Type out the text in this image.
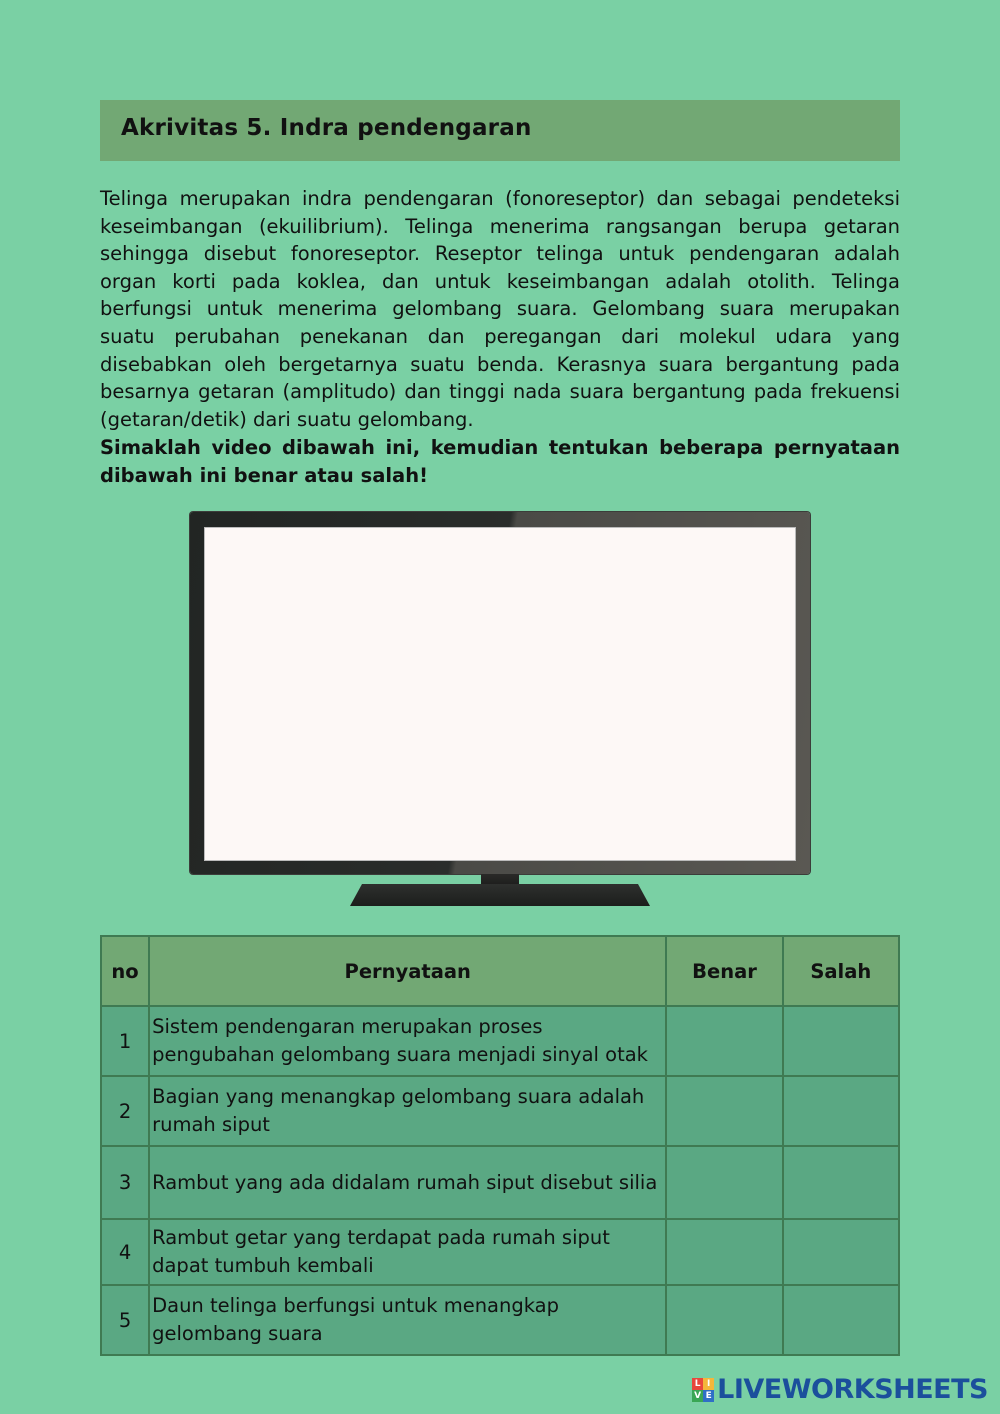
Akrivitas 5. Indra pendengaran

Telinga merupakan indra pendengaran (fonoreseptor) dan sebagai pendeteksi keseimbangan (ekuilibrium). Telinga menerima rangsangan berupa getaran sehingga disebut fonoreseptor. Reseptor telinga untuk pendengaran adalah organ korti pada koklea, dan untuk keseimbangan adalah otolith. Telinga berfungsi untuk menerima gelombang suara. Gelombang suara merupakan suatu perubahan penekanan dan peregangan dari molekul udara yang disebabkan oleh bergetarnya suatu benda. Kerasnya suara bergantung pada besarnya getaran (amplitudo) dan tinggi nada suara bergantung pada frekuensi (getaran/detik) dari suatu gelombang.

Simaklah video dibawah ini, kemudian tentukan beberapa pernyataan dibawah ini benar atau salah!

no	Pernyataan	Benar	Salah
1	Sistem pendengaran merupakan proses pengubahan gelombang suara menjadi sinyal otak		
2	Bagian yang menangkap gelombang suara adalah rumah siput		
3	Rambut yang ada didalam rumah siput disebut silia		
4	Rambut getar yang terdapat pada rumah siput dapat tumbuh kembali		
5	Daun telinga berfungsi untuk menangkap gelombang suara		
L I
V E LIVEWORKSHEETS
